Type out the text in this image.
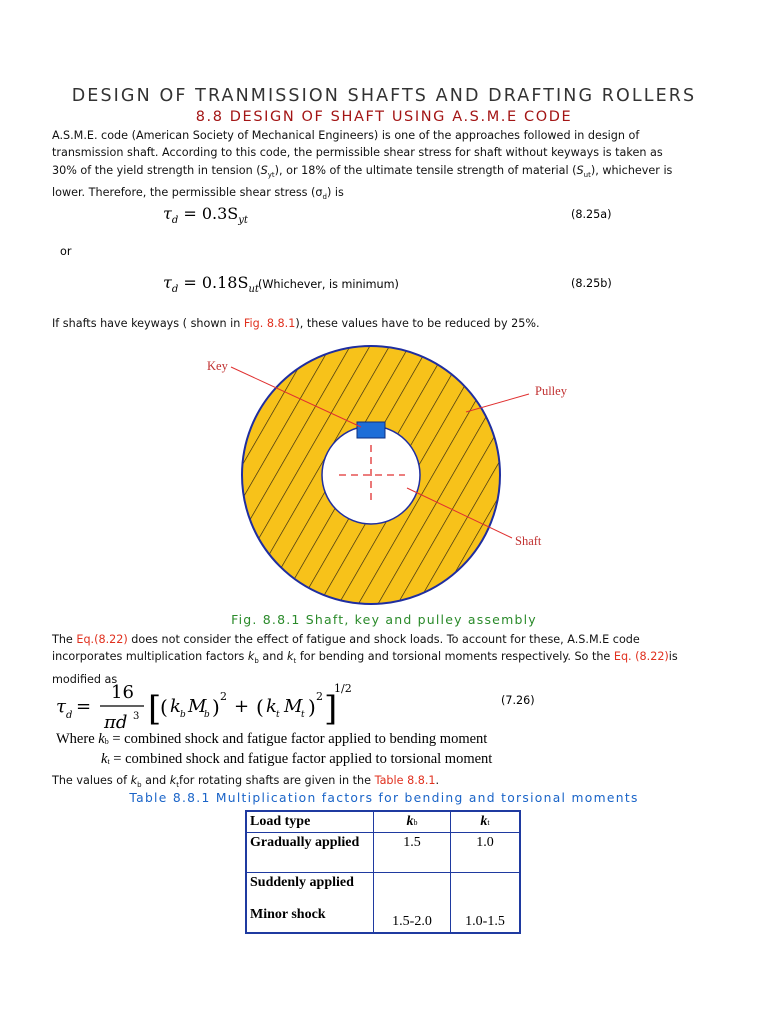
DESIGN OF TRANMISSION SHAFTS AND DRAFTING ROLLERS
8.8 DESIGN OF SHAFT USING A.S.M.E CODE
A.S.M.E. code (American Society of Mechanical Engineers) is one of the approaches followed in design of
transmission shaft. According to this code, the permissible shear stress for shaft without keyways is taken as
30% of the yield strength in tension $(S_{yt})$, or 18% of the ultimate tensile strength of material $(S_{ut})$, whichever is
lower. Therefore, the permissible shear stress $(\sigma_d)$ is
$\tau_d = 0.3S_{yt}$	(8.25a)
or
$\tau_d = 0.18S_{ut}$ (Whichever, is minimum)	(8.25b)
If shafts have keyways ( shown in Fig. 8.8.1), these values have to be reduced by 25%.
Key
Pulley
Shaft
Fig. 8.8.1 Shaft, key and pulley assembly
The Eq.(8.22) does not consider the effect of fatigue and shock loads. To account for these, A.S.M.E code
incorporates multiplication factors $k_b$ and $k_t$ for bending and torsional moments respectively. So the Eq. (8.22)is
modified as
τ d =
16
πd 3 [
( k b M
b ) 2 + ( k t M
t ) 2 ]
1/2
(7.26)
Where kb = combined shock and fatigue factor applied to bending moment
kt = combined shock and fatigue factor applied to torsional moment
The values of $k_b$ and $k_tfor$ rotating shafts are given in the Table 8.8.1.
Table 8.8.1 Multiplication factors for bending and torsional moments
Load type	kb	kt
Gradually applied	1.5	1.0

Suddenly applied
Minor shock	1.5-2.0	1.0-1.5
